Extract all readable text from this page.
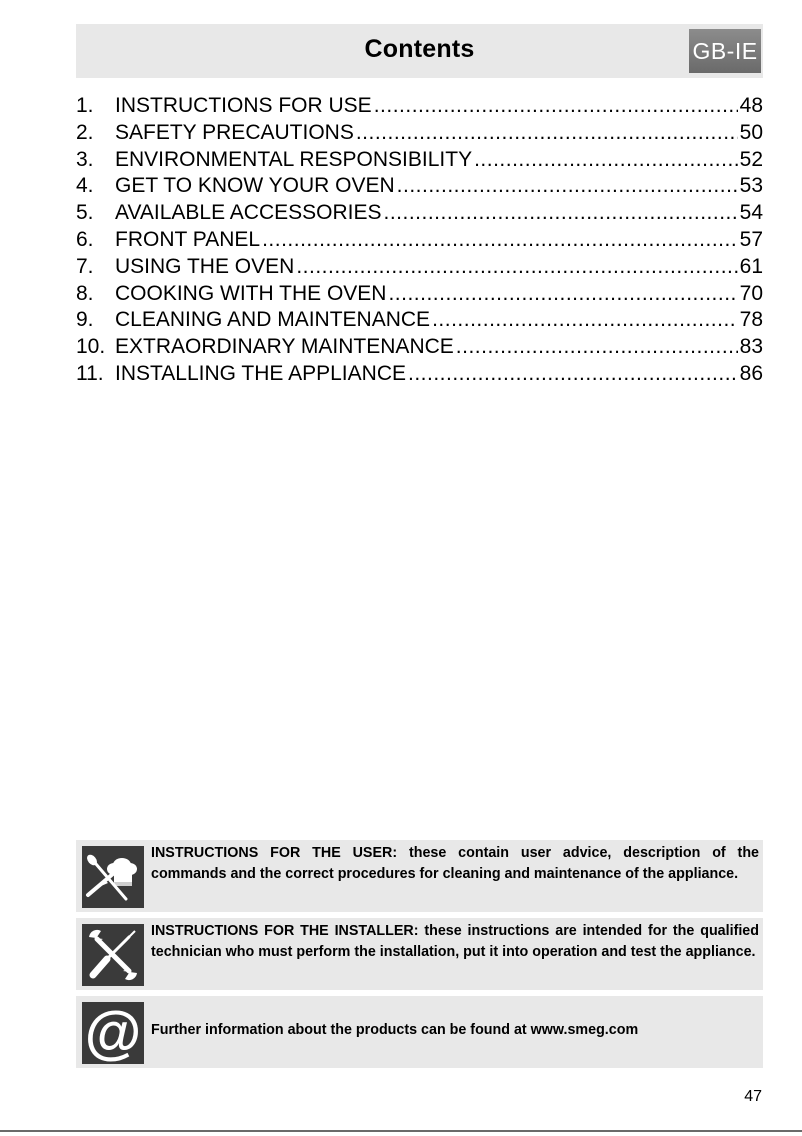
Contents	GB-IE
1.	INSTRUCTIONS FOR USE .....	48
2.	SAFETY PRECAUTIONS .....	50
3.	ENVIRONMENTAL RESPONSIBILITY .....	52
4.	GET TO KNOW YOUR OVEN .....	53
5.	AVAILABLE ACCESSORIES .....	54
6.	FRONT PANEL .....	57
7.	USING THE OVEN .....	61
8.	COOKING WITH THE OVEN .....	70
9.	CLEANING AND MAINTENANCE .....	78
10. EXTRAORDINARY MAINTENANCE .....	83
11. INSTALLING THE APPLIANCE .....	86
INSTRUCTIONS FOR THE USER: these contain user advice, description of the commands and the correct procedures for cleaning and maintenance of the appliance.
INSTRUCTIONS FOR THE INSTALLER: these instructions are intended for the qualified technician who must perform the installation, put it into operation and test the appliance.
@ Further information about the products can be found at www.smeg.com
47
